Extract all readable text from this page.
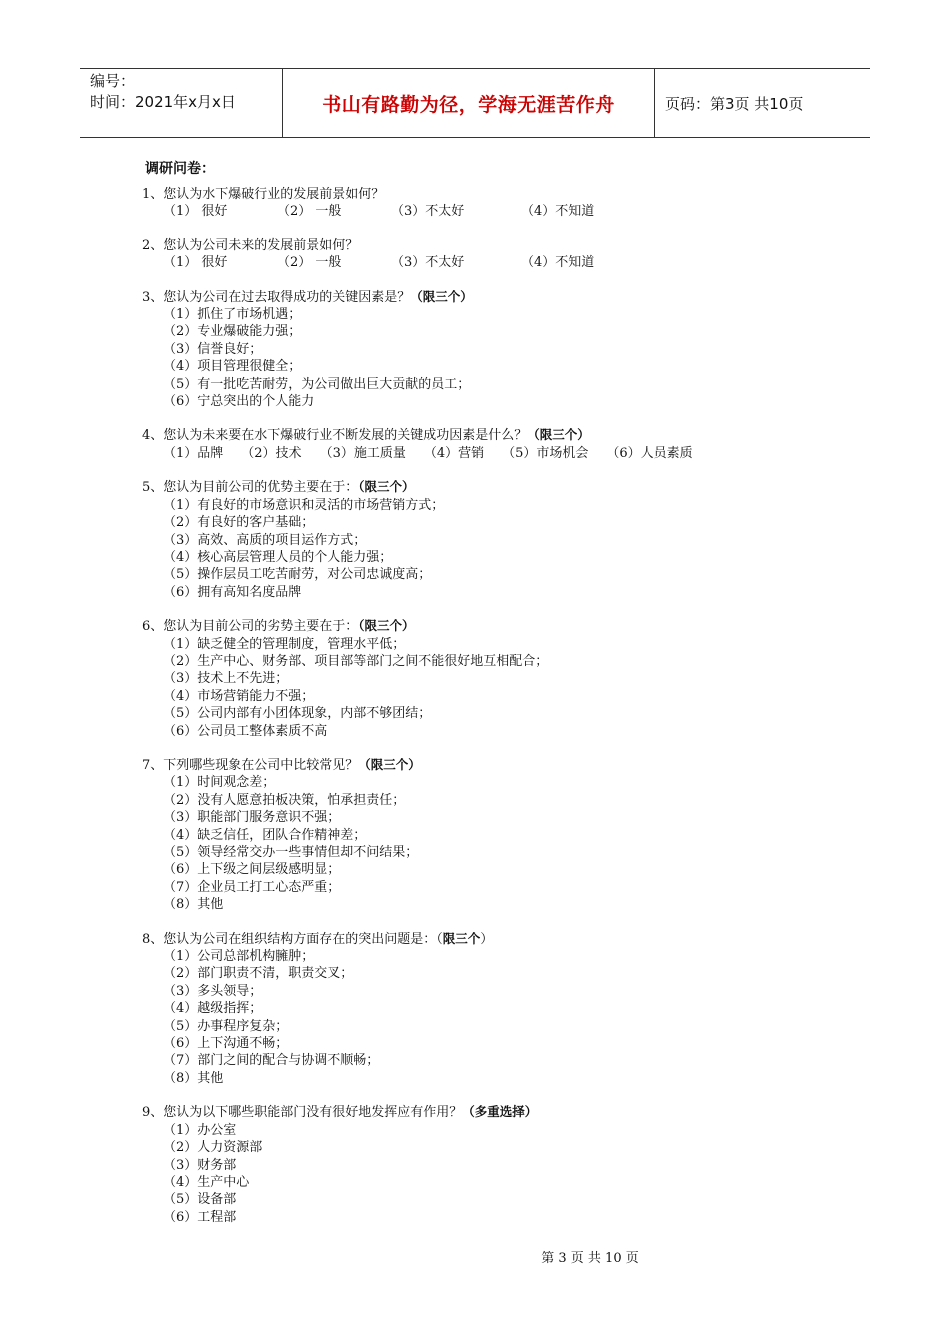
编号：
时间：2021年x月x日	书山有路勤为径，学海无涯苦作舟	页码：第3页 共10页
调研问卷：
1、您认为水下爆破行业的发展前景如何？
（1） 很好	（2） 一般	（3）不太好	（4）不知道
2、您认为公司未来的发展前景如何？
（1） 很好	（2） 一般	（3）不太好	（4）不知道
3、您认为公司在过去取得成功的关键因素是？（限三个）
（1）抓住了市场机遇；
（2）专业爆破能力强；
（3）信誉良好；
（4）项目管理很健全；
（5）有一批吃苦耐劳，为公司做出巨大贡献的员工；
（6）宁总突出的个人能力
4、您认为未来要在水下爆破行业不断发展的关键成功因素是什么？（限三个）
（1）品牌 （2）技术 （3）施工质量 （4）营销 （5）市场机会 （6）人员素质
5、您认为目前公司的优势主要在于：（限三个）
（1）有良好的市场意识和灵活的市场营销方式；
（2）有良好的客户基础；
（3）高效、高质的项目运作方式；
（4）核心高层管理人员的个人能力强；
（5）操作层员工吃苦耐劳，对公司忠诚度高；
（6）拥有高知名度品牌
6、您认为目前公司的劣势主要在于：（限三个）
（1）缺乏健全的管理制度，管理水平低；
（2）生产中心、财务部、项目部等部门之间不能很好地互相配合；
（3）技术上不先进；
（4）市场营销能力不强；
（5）公司内部有小团体现象，内部不够团结；
（6）公司员工整体素质不高
7、下列哪些现象在公司中比较常见？（限三个）
（1）时间观念差；
（2）没有人愿意拍板决策，怕承担责任；
（3）职能部门服务意识不强；
（4）缺乏信任，团队合作精神差；
（5）领导经常交办一些事情但却不问结果；
（6）上下级之间层级感明显；
（7）企业员工打工心态严重；
（8）其他
8、您认为公司在组织结构方面存在的突出问题是：（限三个）
（1）公司总部机构臃肿；
（2）部门职责不清，职责交叉；
（3）多头领导；
（4）越级指挥；
（5）办事程序复杂；
（6）上下沟通不畅；
（7）部门之间的配合与协调不顺畅；
（8）其他
9、您认为以下哪些职能部门没有很好地发挥应有作用？（多重选择）
（1）办公室
（2）人力资源部
（3）财务部
（4）生产中心
（5）设备部
（6）工程部
第 3 页 共 10 页
